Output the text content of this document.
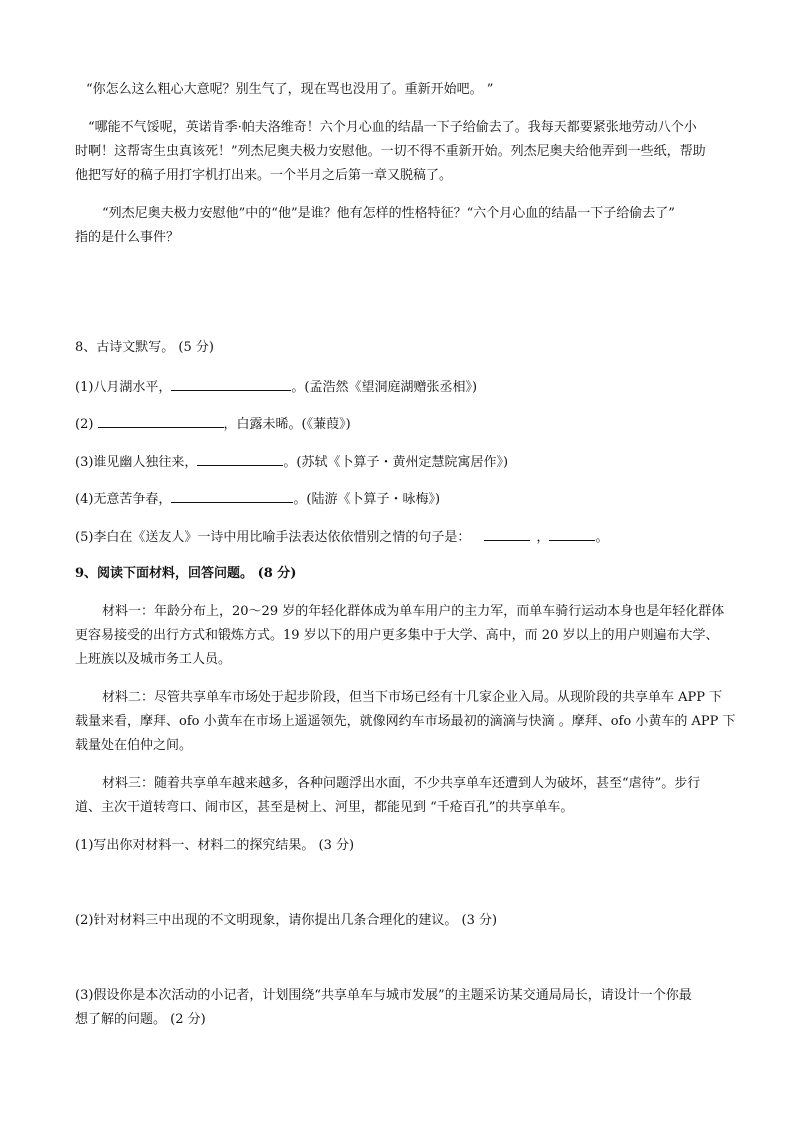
“你怎么这么粗心大意呢？别生气了，现在骂也没用了。重新开始吧。 ”
“哪能不气馁呢，英诺肯季·帕夫洛维奇！六个月心血的结晶一下子给偷去了。我每天都要紧张地劳动八个小
时啊！这帮寄生虫真该死！”列杰尼奥夫极力安慰他。一切不得不重新开始。列杰尼奥夫给他弄到一些纸，帮助
他把写好的稿子用打字机打出来。一个半月之后第一章又脱稿了。
“列杰尼奥夫极力安慰他”中的“他”是谁？他有怎样的性格特征？“六个月心血的结晶一下子给偷去了”
指的是什么事件？
8、古诗文默写。 (5 分)
(1)八月湖水平，	。(孟浩然《望洞庭湖赠张丞相》)
(2)	，白露未晞。(《蒹葭》)
(3)谁见幽人独往来，	。(苏轼《卜算子・黄州定慧院寓居作》)
(4)无意苦争春，	。(陆游《卜算子・咏梅》)
(5)李白在《送友人》一诗中用比喻手法表达依依惜别之情的句子是：	，	。
9、阅读下面材料，回答问题。 (8 分)
材料一：年龄分布上，20～29 岁的年轻化群体成为单车用户的主力军，而单车骑行运动本身也是年轻化群体
更容易接受的出行方式和锻炼方式。19 岁以下的用户更多集中于大学、高中，而 20 岁以上的用户则遍布大学、
上班族以及城市务工人员。
材料二：尽管共享单车市场处于起步阶段，但当下市场已经有十几家企业入局。从现阶段的共享单车 APP 下
载量来看，摩拜、ofo 小黄车在市场上遥遥领先，就像网约车市场最初的滴滴与快滴 。摩拜、ofo 小黄车的 APP 下
载量处在伯仲之间。
材料三：随着共享单车越来越多，各种问题浮出水面，不少共享单车还遭到人为破坏，甚至“虐待”。步行
道、主次干道转弯口、闹市区，甚至是树上、河里，都能见到 “千疮百孔”的共享单车。
(1)写出你对材料一、材料二的探究结果。 (3 分)
(2)针对材料三中出现的不文明现象，请你提出几条合理化的建议。 (3 分)
(3)假设你是本次活动的小记者，计划围绕“共享单车与城市发展”的主题采访某交通局局长，请设计一个你最
想了解的问题。 (2 分)
